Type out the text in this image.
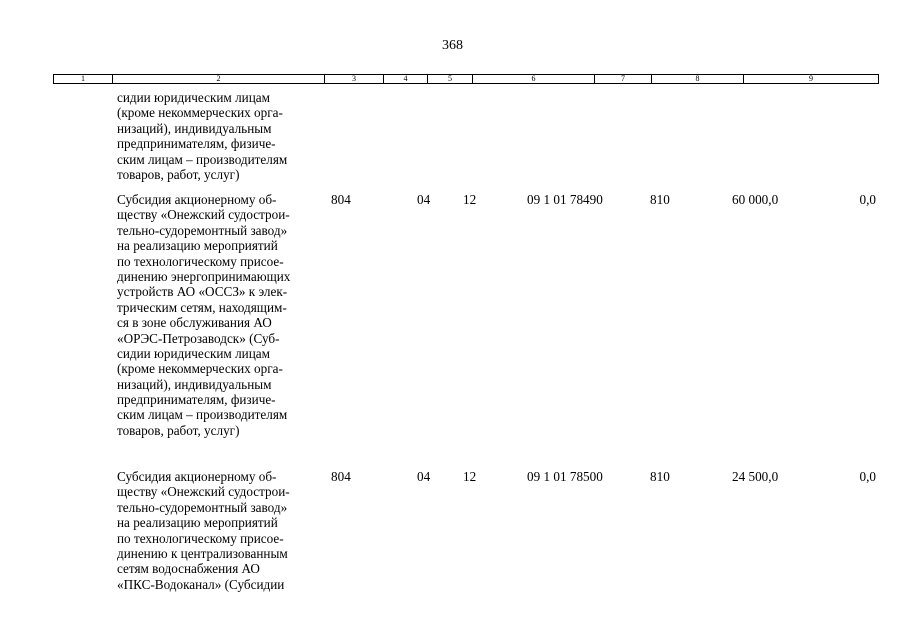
368
1	2	3	4	5	6	7	8	9
сидии юридическим лицам
(кроме некоммерческих орга-
низаций), индивидуальным
предпринимателям, физиче-
ским лицам – производителям
товаров, работ, услуг)
Субсидия акционерному об-
ществу «Онежский судострои-
тельно-судоремонтный завод»
на реализацию мероприятий
по технологическому присое-
динению энергопринимающих
устройств АО «ОССЗ» к элек-
трическим сетям, находящим-
ся в зоне обслуживания АО
«ОРЭС-Петрозаводск» (Суб-
сидии юридическим лицам
(кроме некоммерческих орга-
низаций), индивидуальным
предпринимателям, физиче-
ским лицам – производителям
товаров, работ, услуг)
804	04 12	09 1 01 78490	810	60 000,0	0,0
Субсидия акционерному об-
ществу «Онежский судострои-
тельно-судоремонтный завод»
на реализацию мероприятий
по технологическому присое-
динению к централизованным
сетям водоснабжения АО
«ПКС-Водоканал» (Субсидии
804	04 12	09 1 01 78500	810	24 500,0	0,0
